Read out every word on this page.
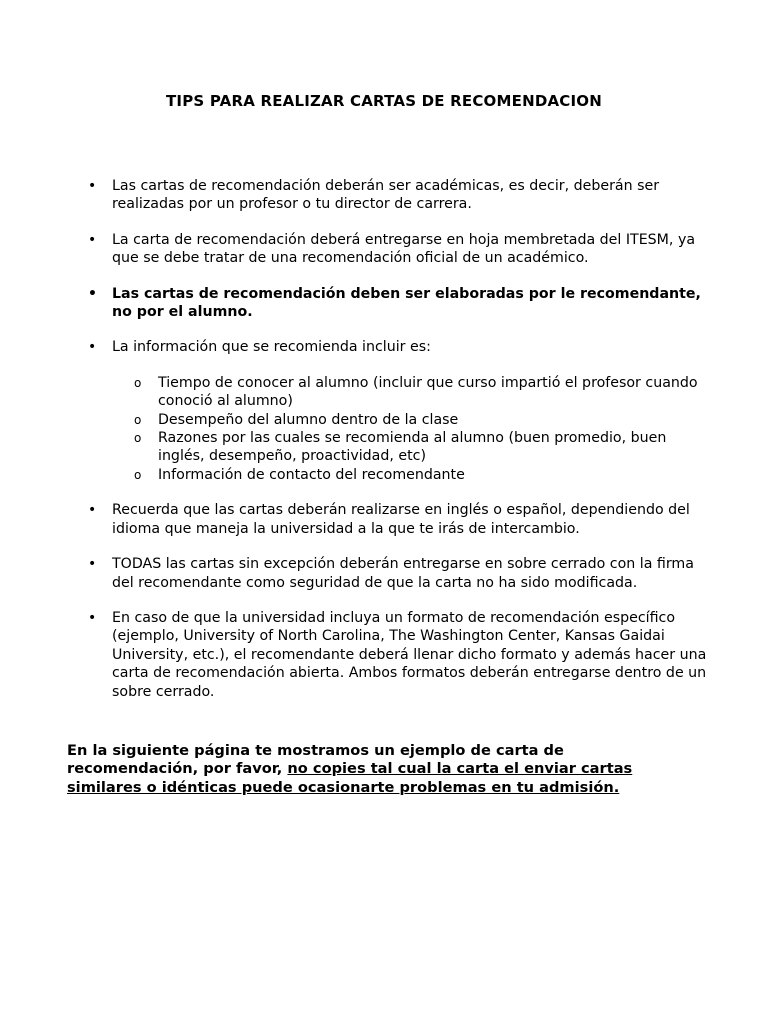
TIPS PARA REALIZAR CARTAS DE RECOMENDACION
• Las cartas de recomendación deberán ser académicas, es decir, deberán ser realizadas por un profesor o tu director de carrera.
• La carta de recomendación deberá entregarse en hoja membretada del ITESM, ya que se debe tratar de una recomendación oficial de un académico.
• Las cartas de recomendación deben ser elaboradas por le recomendante, no por el alumno.
• La información que se recomienda incluir es:
o Tiempo de conocer al alumno (incluir que curso impartió el profesor cuando conoció al alumno)
o Desempeño del alumno dentro de la clase
o Razones por las cuales se recomienda al alumno (buen promedio, buen inglés, desempeño, proactividad, etc)
o Información de contacto del recomendante
• Recuerda que las cartas deberán realizarse en inglés o español, dependiendo del idioma que maneja la universidad a la que te irás de intercambio.
• TODAS las cartas sin excepción deberán entregarse en sobre cerrado con la firma del recomendante como seguridad de que la carta no ha sido modificada.
• En caso de que la universidad incluya un formato de recomendación específico (ejemplo, University of North Carolina, The Washington Center, Kansas Gaidai University, etc.), el recomendante deberá llenar dicho formato y además hacer una carta de recomendación abierta. Ambos formatos deberán entregarse dentro de un sobre cerrado.

En la siguiente página te mostramos un ejemplo de carta de recomendación, por favor, no copies tal cual la carta el enviar cartas similares o idénticas puede ocasionarte problemas en tu admisión.
